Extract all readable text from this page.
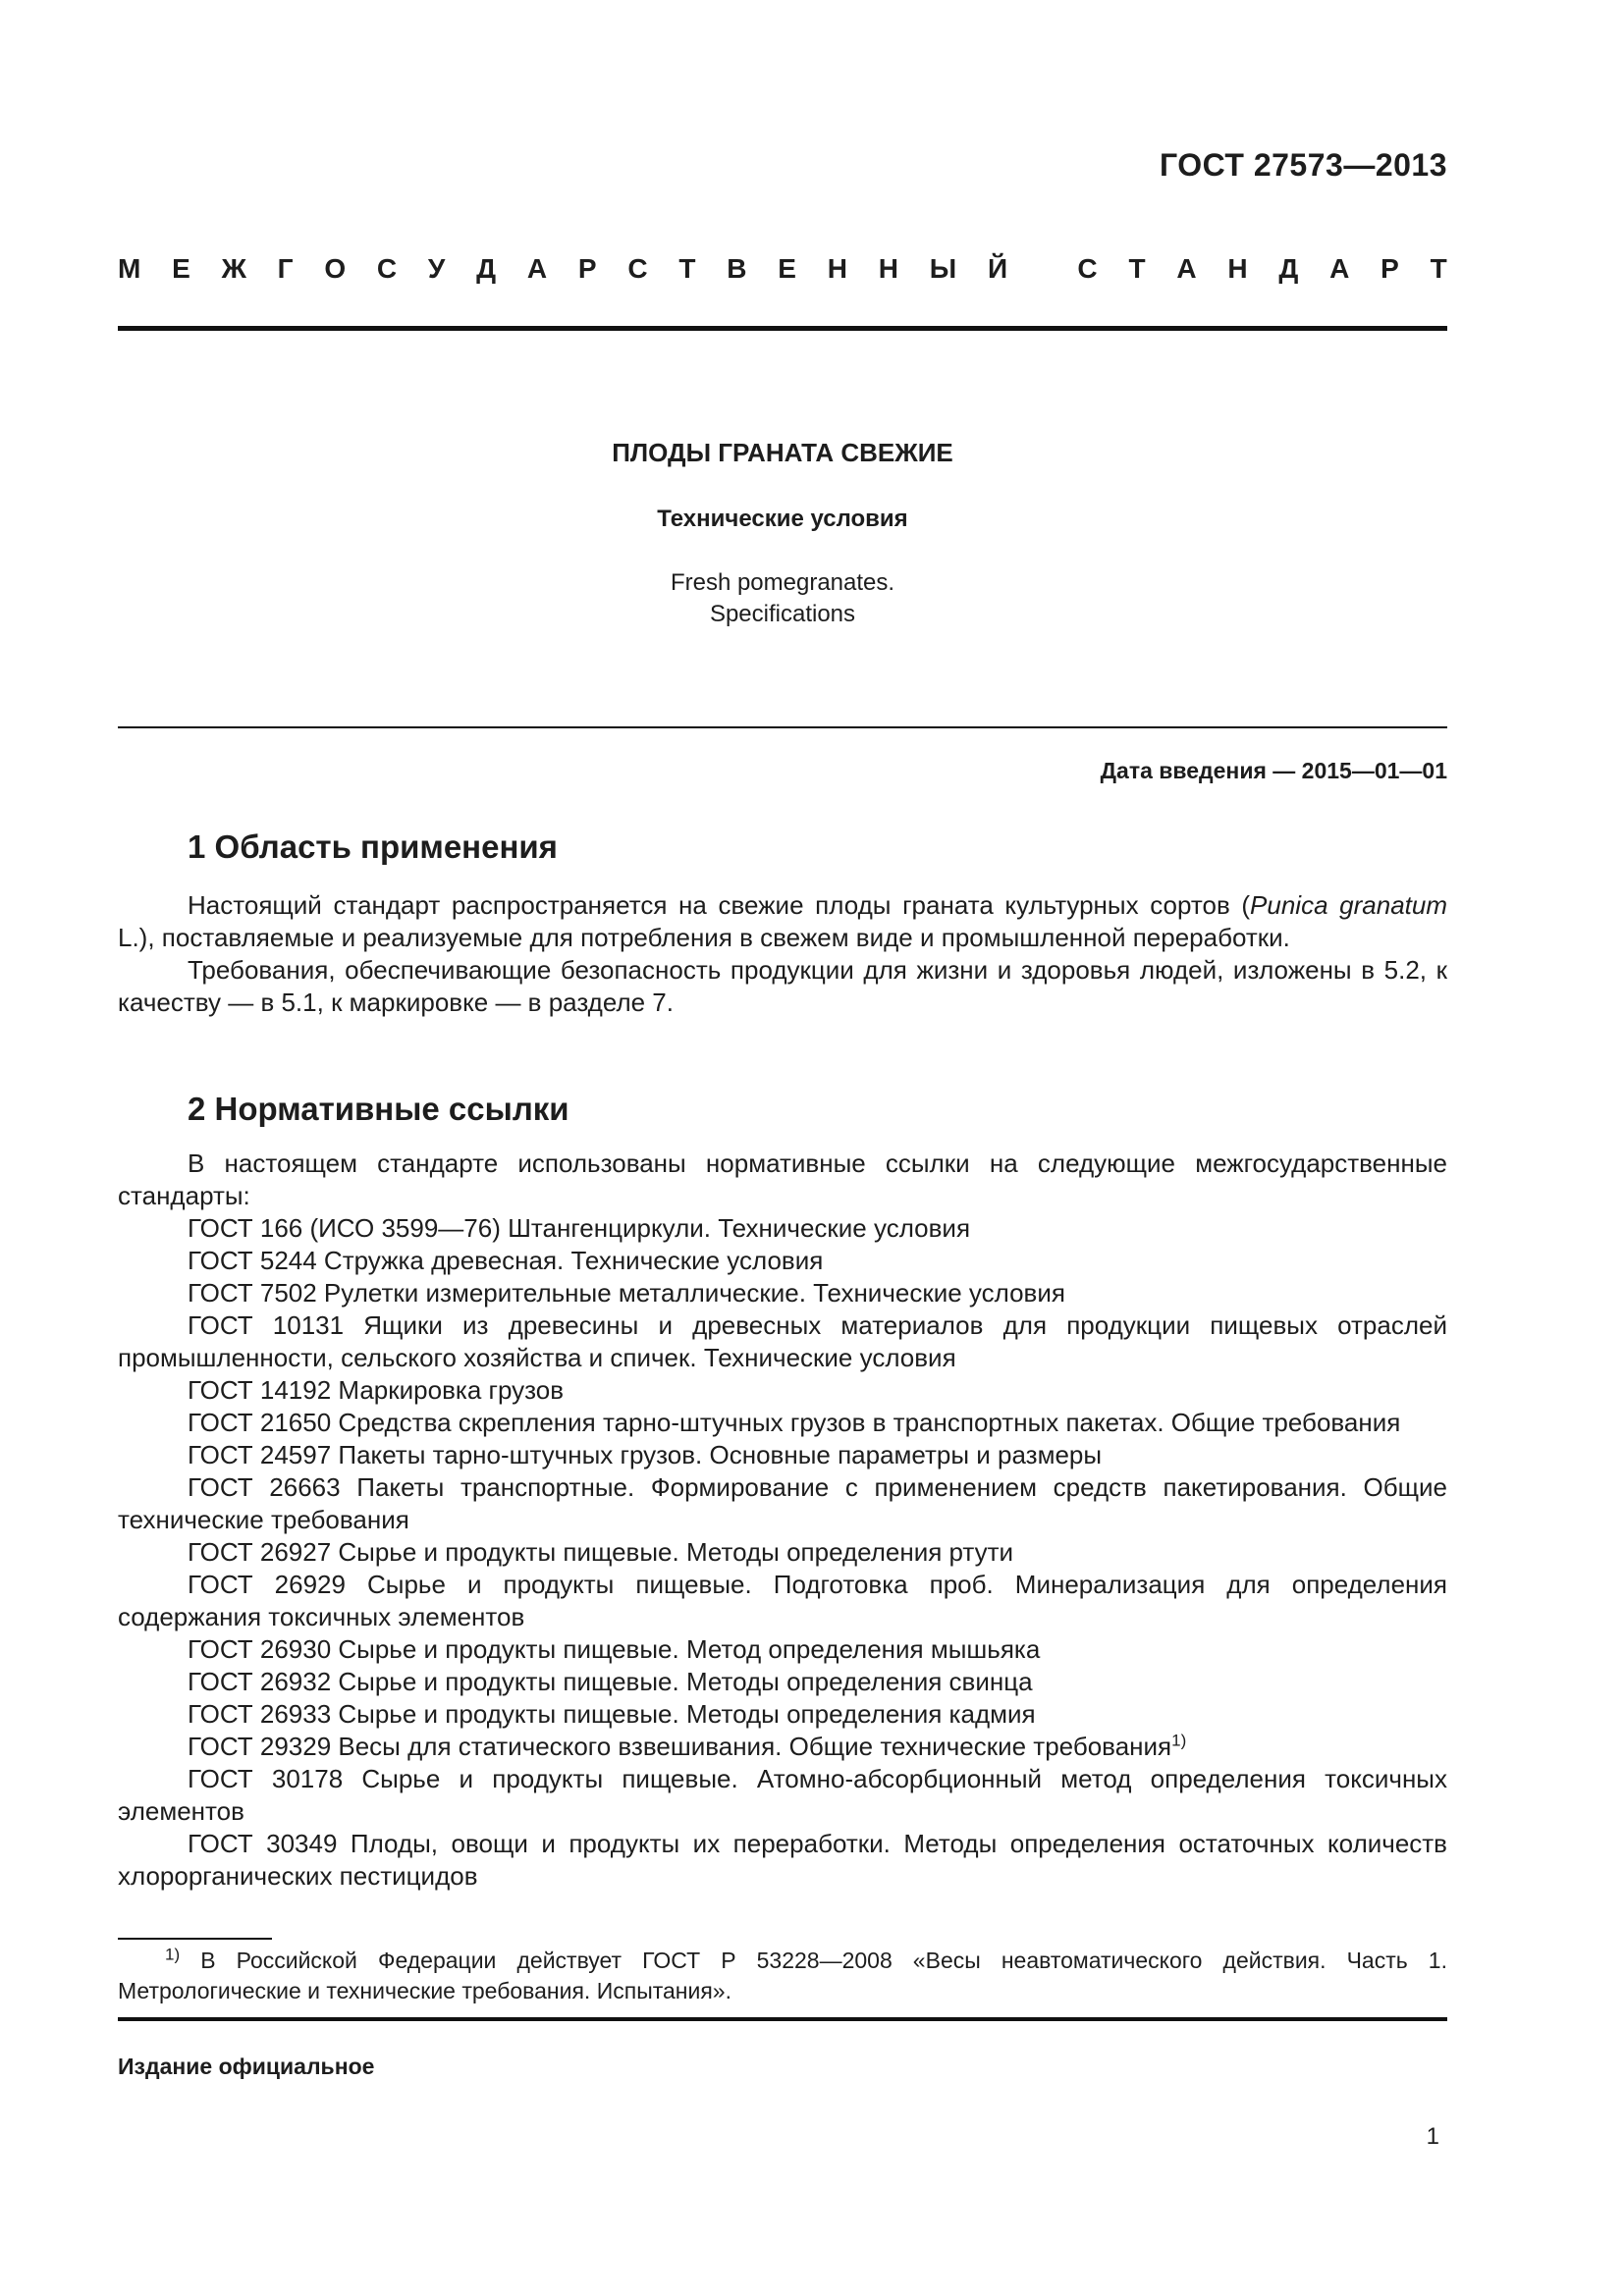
ГОСТ 27573—2013
М Е Ж Г О С У Д А Р С Т В Е Н Н Ы Й
	С Т А Н Д А Р Т
ПЛОДЫ ГРАНАТА СВЕЖИЕ
Технические условия
Fresh pomegranates.
Specifications
Дата введения — 2015—01—01
1 Область применения

Настоящий стандарт распространяется на свежие плоды граната культурных сортов (Punica granatum L.), поставляемые и реализуемые для потребления в свежем виде и промышленной переработки.

Требования, обеспечивающие безопасность продукции для жизни и здоровья людей, изложены в 5.2, к качеству — в 5.1, к маркировке — в разделе 7.

2 Нормативные ссылки

В настоящем стандарте использованы нормативные ссылки на следующие межгосударственные стандарты:

ГОСТ 166 (ИСО 3599—76) Штангенциркули. Технические условия

ГОСТ 5244 Стружка древесная. Технические условия

ГОСТ 7502 Рулетки измерительные металлические. Технические условия

ГОСТ 10131 Ящики из древесины и древесных материалов для продукции пищевых отраслей промышленности, сельского хозяйства и спичек. Технические условия

ГОСТ 14192 Маркировка грузов

ГОСТ 21650 Средства скрепления тарно-штучных грузов в транспортных пакетах. Общие требования

ГОСТ 24597 Пакеты тарно-штучных грузов. Основные параметры и размеры

ГОСТ 26663 Пакеты транспортные. Формирование с применением средств пакетирования. Общие технические требования

ГОСТ 26927 Сырье и продукты пищевые. Методы определения ртути

ГОСТ 26929 Сырье и продукты пищевые. Подготовка проб. Минерализация для определения содержания токсичных элементов

ГОСТ 26930 Сырье и продукты пищевые. Метод определения мышьяка

ГОСТ 26932 Сырье и продукты пищевые. Методы определения свинца

ГОСТ 26933 Сырье и продукты пищевые. Методы определения кадмия

ГОСТ 29329 Весы для статического взвешивания. Общие технические требования$^{1)}$

ГОСТ 30178 Сырье и продукты пищевые. Атомно-абсорбционный метод определения токсичных элементов

ГОСТ 30349 Плоды, овощи и продукты их переработки. Методы определения остаточных количеств хлорорганических пестицидов

$^{1)}$ В Российской Федерации действует ГОСТ Р 53228—2008 «Весы неавтоматического действия. Часть 1. Метрологические и технические требования. Испытания».
Издание официальное
1
